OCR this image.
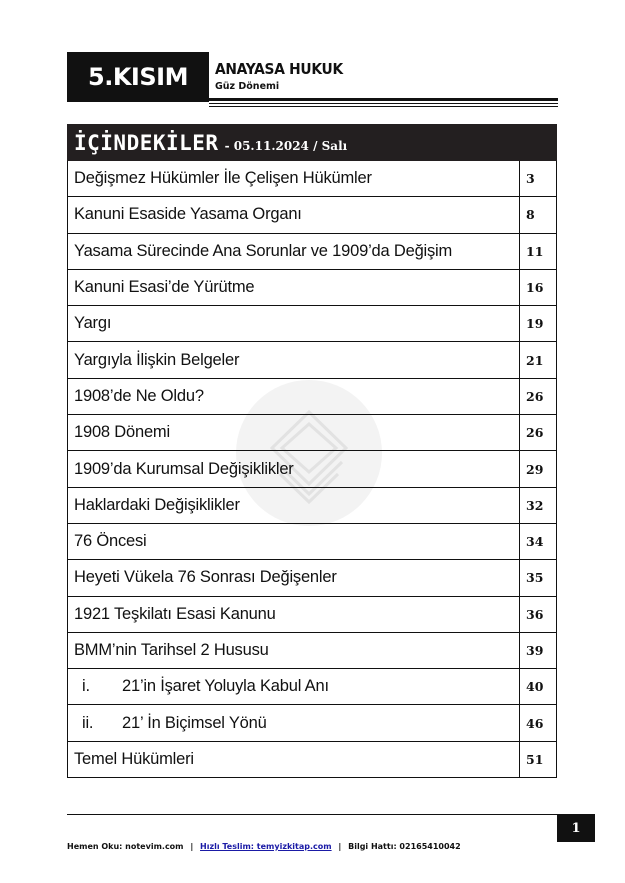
5.KISIM ANAYASA HUKUK
Güz Dönemi
İÇİNDEKİLER - 05.11.2024 / Salı
Değişmez Hükümler İle Çelişen Hükümler	3
Kanuni Esaside Yasama Organı	8
Yasama Sürecinde Ana Sorunlar ve 1909’da Değişim	11
Kanuni Esasi’de Yürütme	16
Yargı	19
Yargıyla İlişkin Belgeler	21
1908’de Ne Oldu?	26
1908 Dönemi	26
1909’da Kurumsal Değişiklikler	29
Haklardaki Değişiklikler	32
76 Öncesi	34
Heyeti Vükela 76 Sonrası Değişenler	35
1921 Teşkilatı Esasi Kanunu	36
BMM’nin Tarihsel 2 Hususu	39
i.	21’in İşaret Yoluyla Kabul Anı	40
ii.	21’ İn Biçimsel Yönü	46
Temel Hükümleri	51
1
Hemen Oku: notevim.com | Hızlı Teslim: temyizkitap.com | Bilgi Hattı: 02165410042
